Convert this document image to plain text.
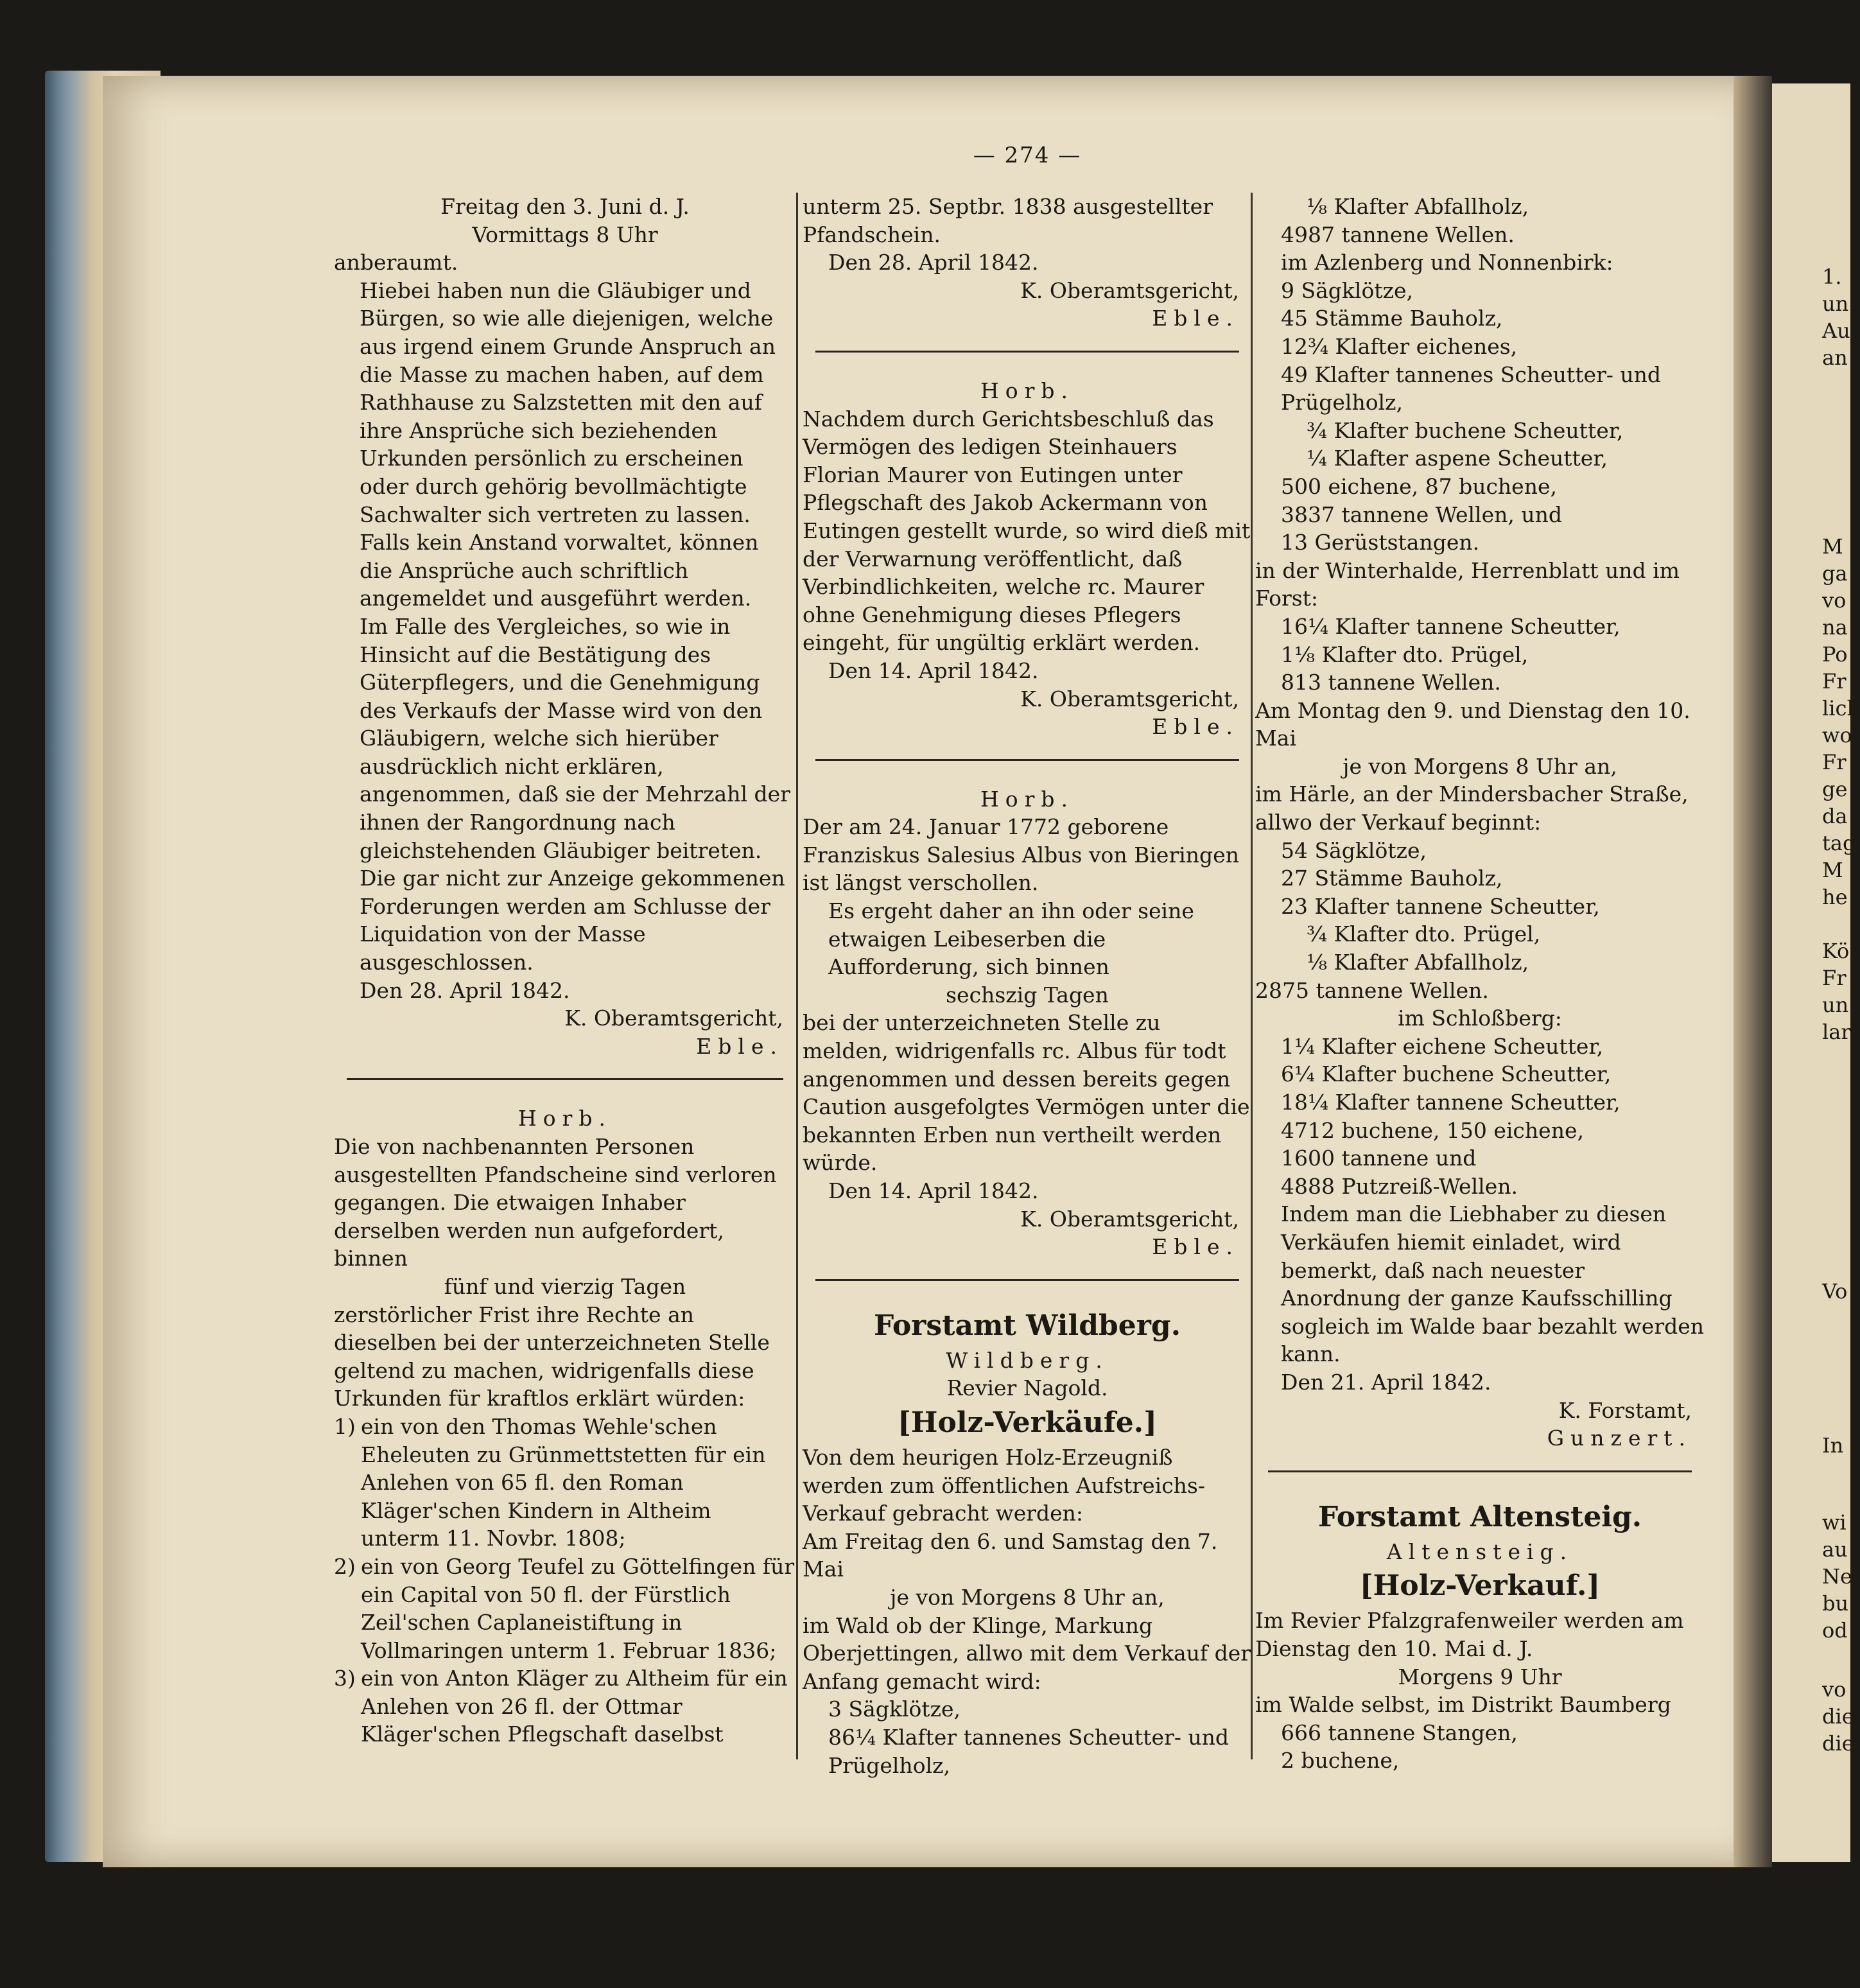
— 274 —

Freitag den 3. Juni d. J.

Vormittags 8 Uhr

anberaumt.

Hiebei haben nun die Gläubiger und Bürgen, so wie alle diejenigen, welche aus irgend einem Grunde Anspruch an die Masse zu machen haben, auf dem Rathhause zu Salzstetten mit den auf ihre Ansprüche sich beziehenden Urkunden persönlich zu erscheinen oder durch gehörig bevollmächtigte Sachwalter sich vertreten zu lassen. Falls kein Anstand vorwaltet, können die Ansprüche auch schriftlich angemeldet und ausgeführt werden.

Im Falle des Vergleiches, so wie in Hinsicht auf die Bestätigung des Güterpflegers, und die Genehmigung des Verkaufs der Masse wird von den Gläubigern, welche sich hierüber ausdrücklich nicht erklären, angenommen, daß sie der Mehrzahl der ihnen der Rangordnung nach gleichstehenden Gläubiger beitreten.

Die gar nicht zur Anzeige gekommenen Forderungen werden am Schlusse der Liquidation von der Masse ausgeschlossen.

Den 28. April 1842.

K. Oberamtsgericht,

Eble.

Horb.

Die von nachbenannten Personen ausgestellten Pfandscheine sind verloren gegangen. Die etwaigen Inhaber derselben werden nun aufgefordert, binnen

fünf und vierzig Tagen

zerstörlicher Frist ihre Rechte an dieselben bei der unterzeichneten Stelle geltend zu machen, widrigenfalls diese Urkunden für kraftlos erklärt würden:

1) ein von den Thomas Wehle'schen Eheleuten zu Grünmettstetten für ein Anlehen von 65 fl. den Roman Kläger'schen Kindern in Altheim unterm 11. Novbr. 1808;
2) ein von Georg Teufel zu Göttelfingen für ein Capital von 50 fl. der Fürstlich Zeil'schen Caplaneistiftung in Vollmaringen unterm 1. Februar 1836;
3) ein von Anton Kläger zu Altheim für ein Anlehen von 26 fl. der Ottmar Kläger'schen Pflegschaft daselbst

unterm 25. Septbr. 1838 ausgestellter Pfandschein.

Den 28. April 1842.

K. Oberamtsgericht,

Eble.

Horb.

Nachdem durch Gerichtsbeschluß das Vermögen des ledigen Steinhauers Florian Maurer von Eutingen unter Pflegschaft des Jakob Ackermann von Eutingen gestellt wurde, so wird dieß mit der Verwarnung veröffentlicht, daß Verbindlichkeiten, welche rc. Maurer ohne Genehmigung dieses Pflegers eingeht, für ungültig erklärt werden.

Den 14. April 1842.

K. Oberamtsgericht,

Eble.

Horb.

Der am 24. Januar 1772 geborene Franziskus Salesius Albus von Bieringen ist längst verschollen.

Es ergeht daher an ihn oder seine etwaigen Leibeserben die Aufforderung, sich binnen

sechszig Tagen

bei der unterzeichneten Stelle zu melden, widrigenfalls rc. Albus für todt angenommen und dessen bereits gegen Caution ausgefolgtes Vermögen unter die bekannten Erben nun vertheilt werden würde.

Den 14. April 1842.

K. Oberamtsgericht,

Eble.

Forstamt Wildberg.

Wildberg.

Revier Nagold.

[Holz-Verkäufe.]

Von dem heurigen Holz-Erzeugniß werden zum öffentlichen Aufstreichs-Verkauf gebracht werden:

Am Freitag den 6. und Samstag den 7. Mai

je von Morgens 8 Uhr an,

im Wald ob der Klinge, Markung Oberjettingen, allwo mit dem Verkauf der Anfang gemacht wird:

3 Sägklötze,

86¼ Klafter tannenes Scheutter- und Prügelholz,

⅛ Klafter Abfallholz,

4987 tannene Wellen.

im Azlenberg und Nonnenbirk:

9 Sägklötze,

45 Stämme Bauholz,

12¾ Klafter eichenes,

49 Klafter tannenes Scheutter- und Prügelholz,

¾ Klafter buchene Scheutter,

¼ Klafter aspene Scheutter,

500 eichene, 87 buchene,

3837 tannene Wellen, und

13 Gerüststangen.

in der Winterhalde, Herrenblatt und im Forst:

16¼ Klafter tannene Scheutter,

1⅛ Klafter dto. Prügel,

813 tannene Wellen.

Am Montag den 9. und Dienstag den 10. Mai

je von Morgens 8 Uhr an,

im Härle, an der Mindersbacher Straße, allwo der Verkauf beginnt:

54 Sägklötze,

27 Stämme Bauholz,

23 Klafter tannene Scheutter,

¾ Klafter dto. Prügel,

⅛ Klafter Abfallholz,

2875 tannene Wellen.

im Schloßberg:

1¼ Klafter eichene Scheutter,

6¼ Klafter buchene Scheutter,

18¼ Klafter tannene Scheutter,

4712 buchene, 150 eichene,

1600 tannene und

4888 Putzreiß-Wellen.

Indem man die Liebhaber zu diesen Verkäufen hiemit einladet, wird bemerkt, daß nach neuester Anordnung der ganze Kaufsschilling sogleich im Walde baar bezahlt werden kann.

Den 21. April 1842.

K. Forstamt,

Gunzert.

Forstamt Altensteig.

Altensteig.

[Holz-Verkauf.]

Im Revier Pfalzgrafenweiler werden am Dienstag den 10. Mai d. J.

Morgens 9 Uhr

im Walde selbst, im Distrikt Baumberg

666 tannene Stangen,

2 buchene,

1.
un
Au
an
M
ga
vo
na
Po
Fr
lich
wo
Fr
ge
da
tag
M
he
Kö
Fr
un
lar
Vo
In
wi
au
Ne
bu
od
vo
die
die
